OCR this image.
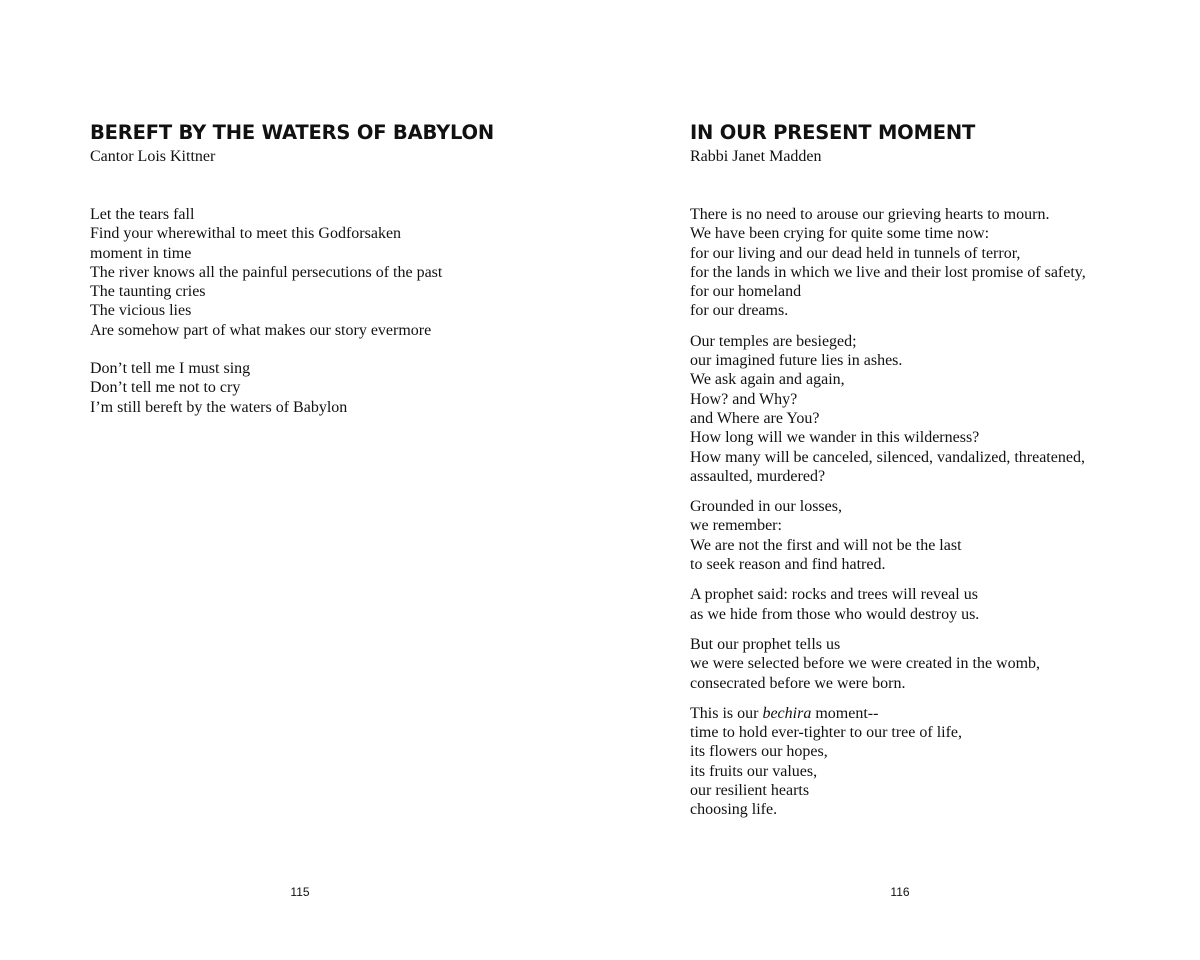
BEREFT BY THE WATERS OF BABYLON

Cantor Lois Kittner

Let the tears fall
Find your wherewithal to meet this Godforsaken
moment in time
The river knows all the painful persecutions of the past
The taunting cries
The vicious lies
Are somehow part of what makes our story evermore

Don’t tell me I must sing
Don’t tell me not to cry
I’m still bereft by the waters of Babylon

115
IN OUR PRESENT MOMENT

Rabbi Janet Madden

There is no need to arouse our grieving hearts to mourn.
We have been crying for quite some time now:
for our living and our dead held in tunnels of terror,
for the lands in which we live and their lost promise of safety,
for our homeland
for our dreams.

Our temples are besieged;
our imagined future lies in ashes.
We ask again and again,
How? and Why?
and Where are You?
How long will we wander in this wilderness?
How many will be canceled, silenced, vandalized, threatened,
assaulted, murdered?

Grounded in our losses,
we remember:
We are not the first and will not be the last
to seek reason and find hatred.

A prophet said: rocks and trees will reveal us
as we hide from those who would destroy us.

But our prophet tells us
we were selected before we were created in the womb,
consecrated before we were born.

This is our bechira moment--
time to hold ever-tighter to our tree of life,
its flowers our hopes,
its fruits our values,
our resilient hearts
choosing life.

116
